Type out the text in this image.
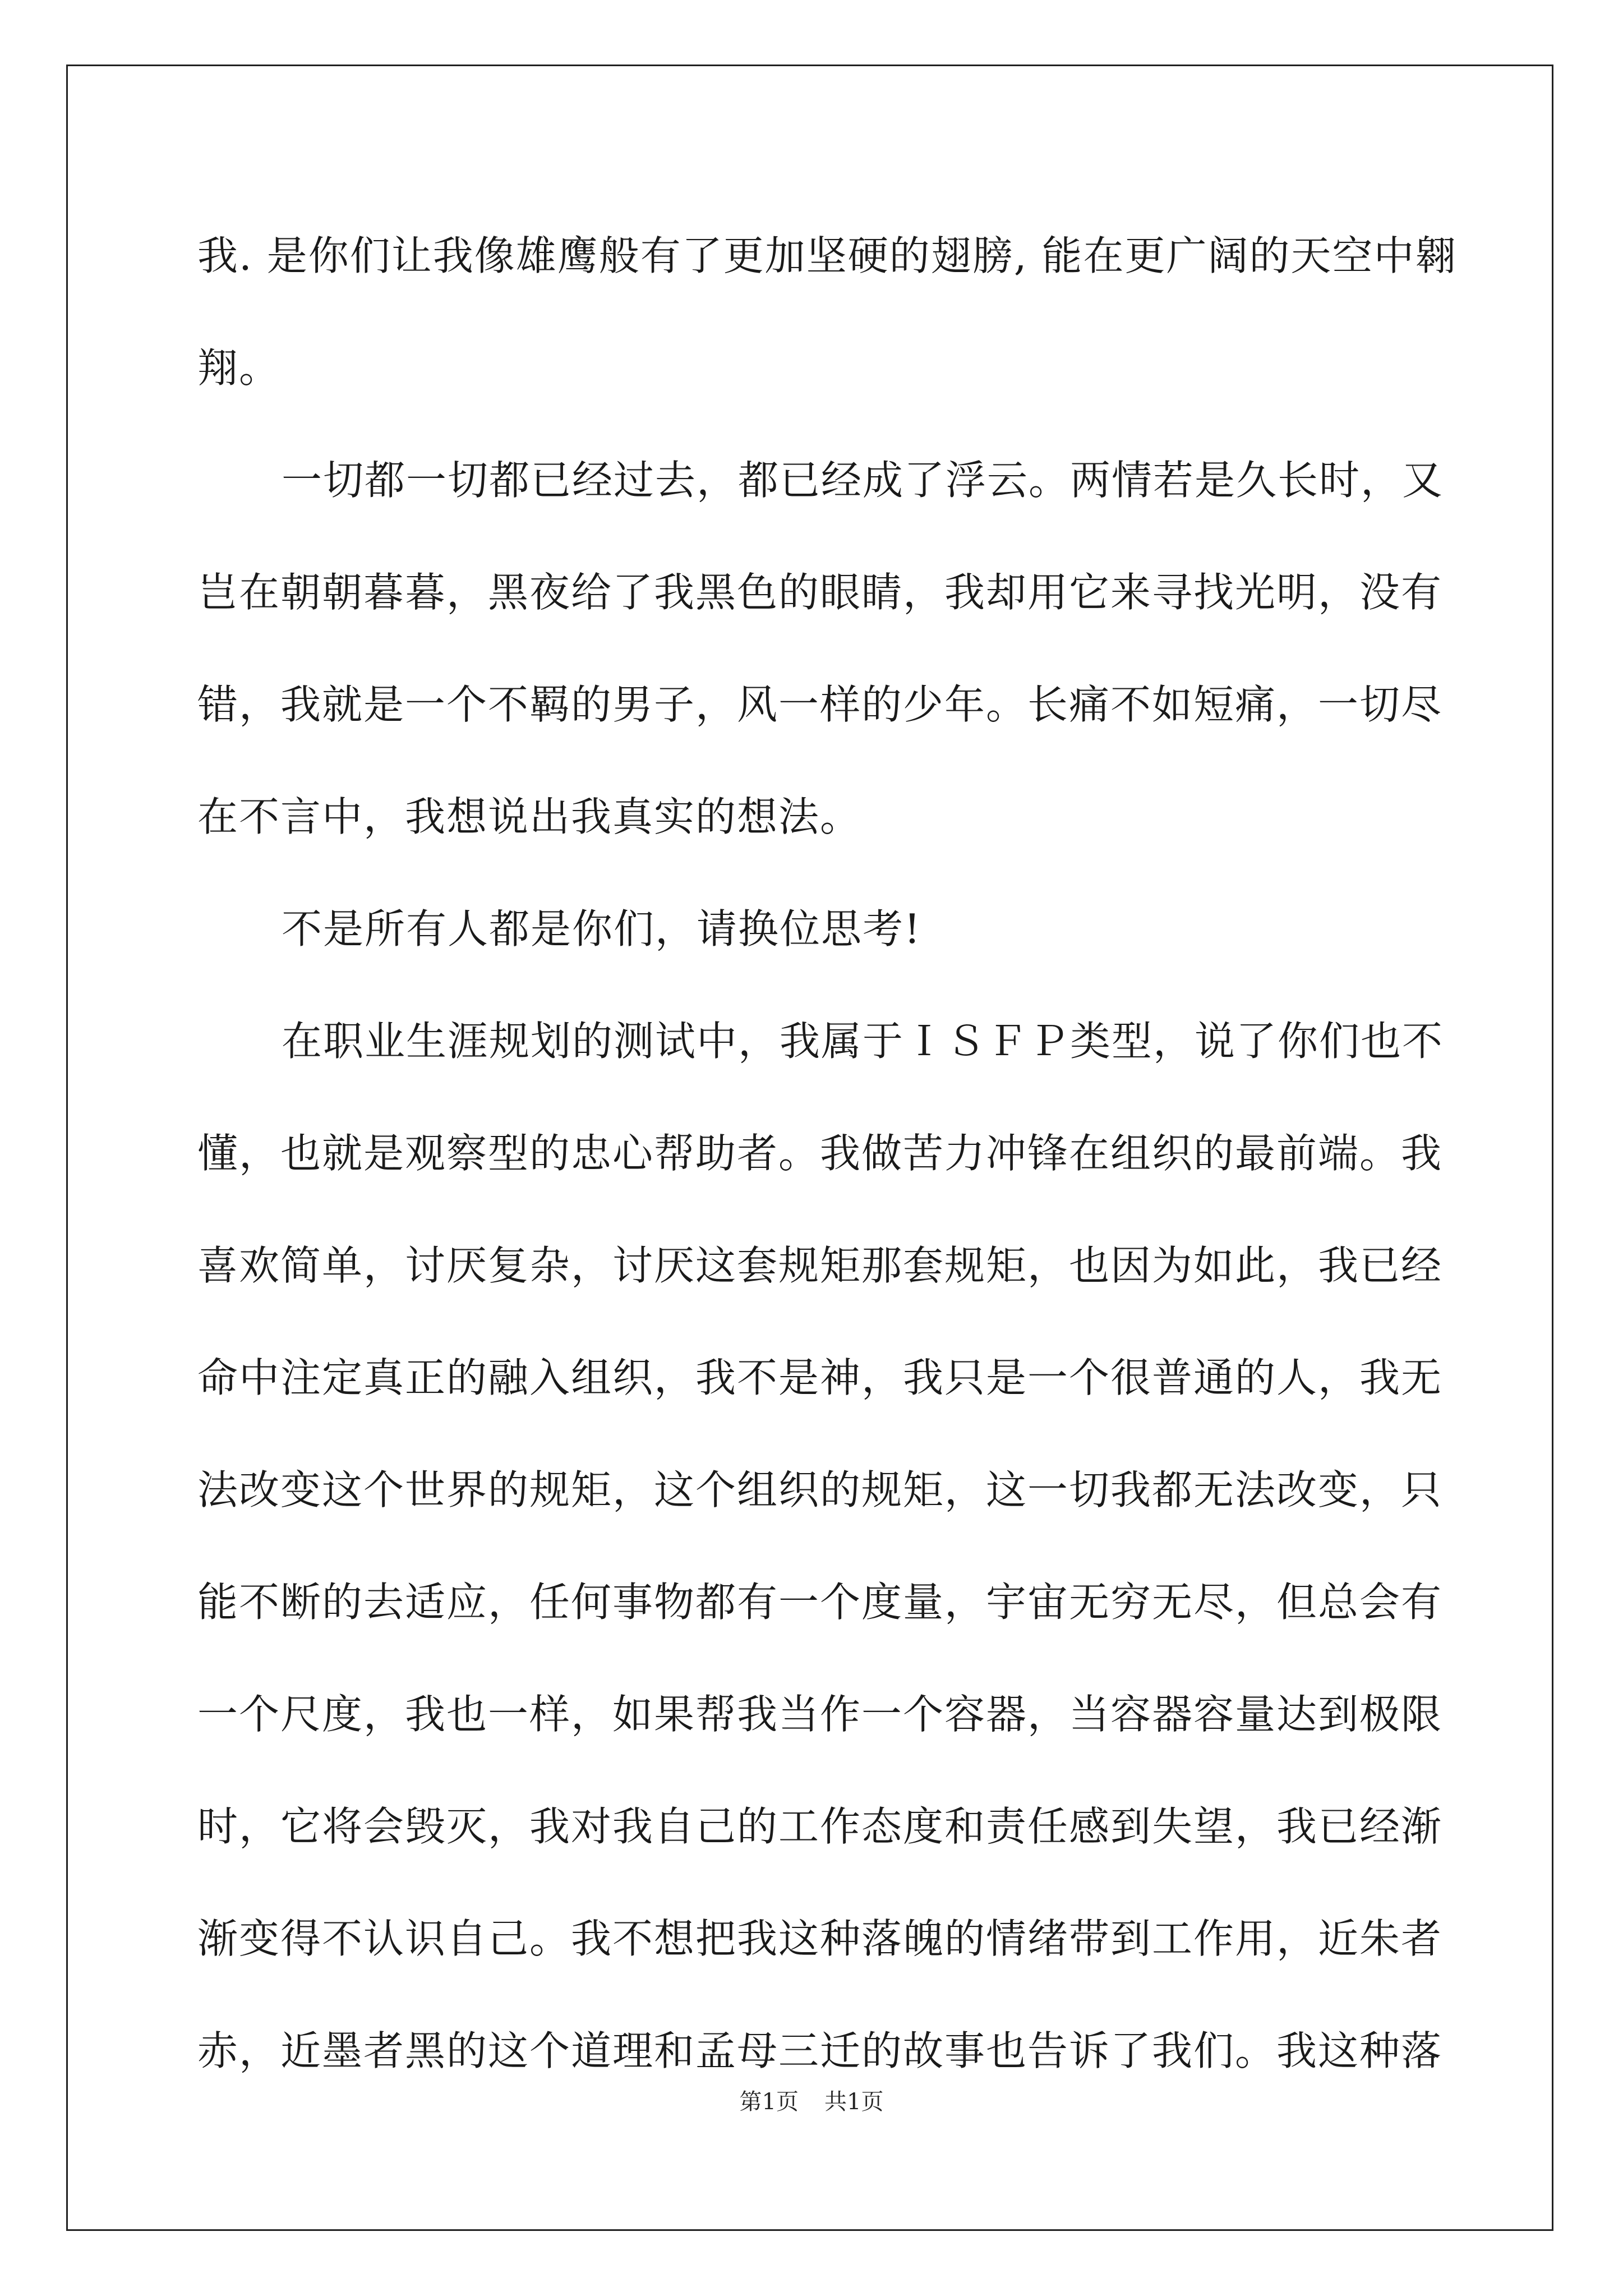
我. 是你们让我像雄鹰般有了更加坚硬的翅膀, 能在更广阔的天空中翱
翔。
一切都一切都已经过去，都已经成了浮云。两情若是久长时，又
岂在朝朝暮暮，黑夜给了我黑色的眼睛，我却用它来寻找光明，没有
错，我就是一个不羁的男子，风一样的少年。长痛不如短痛，一切尽
在不言中，我想说出我真实的想法。
不是所有人都是你们，请换位思考!
在职业生涯规划的测试中，我属于ＩＳＦＰ类型，说了你们也不
懂，也就是观察型的忠心帮助者。我做苦力冲锋在组织的最前端。我
喜欢简单，讨厌复杂，讨厌这套规矩那套规矩，也因为如此，我已经
命中注定真正的融入组织，我不是神，我只是一个很普通的人，我无
法改变这个世界的规矩，这个组织的规矩，这一切我都无法改变，只
能不断的去适应，任何事物都有一个度量，宇宙无穷无尽，但总会有
一个尺度，我也一样，如果帮我当作一个容器，当容器容量达到极限
时，它将会毁灭，我对我自己的工作态度和责任感到失望，我已经渐
渐变得不认识自己。我不想把我这种落魄的情绪带到工作用，近朱者
赤，近墨者黑的这个道理和孟母三迁的故事也告诉了我们。我这种落
第1页 共1页
